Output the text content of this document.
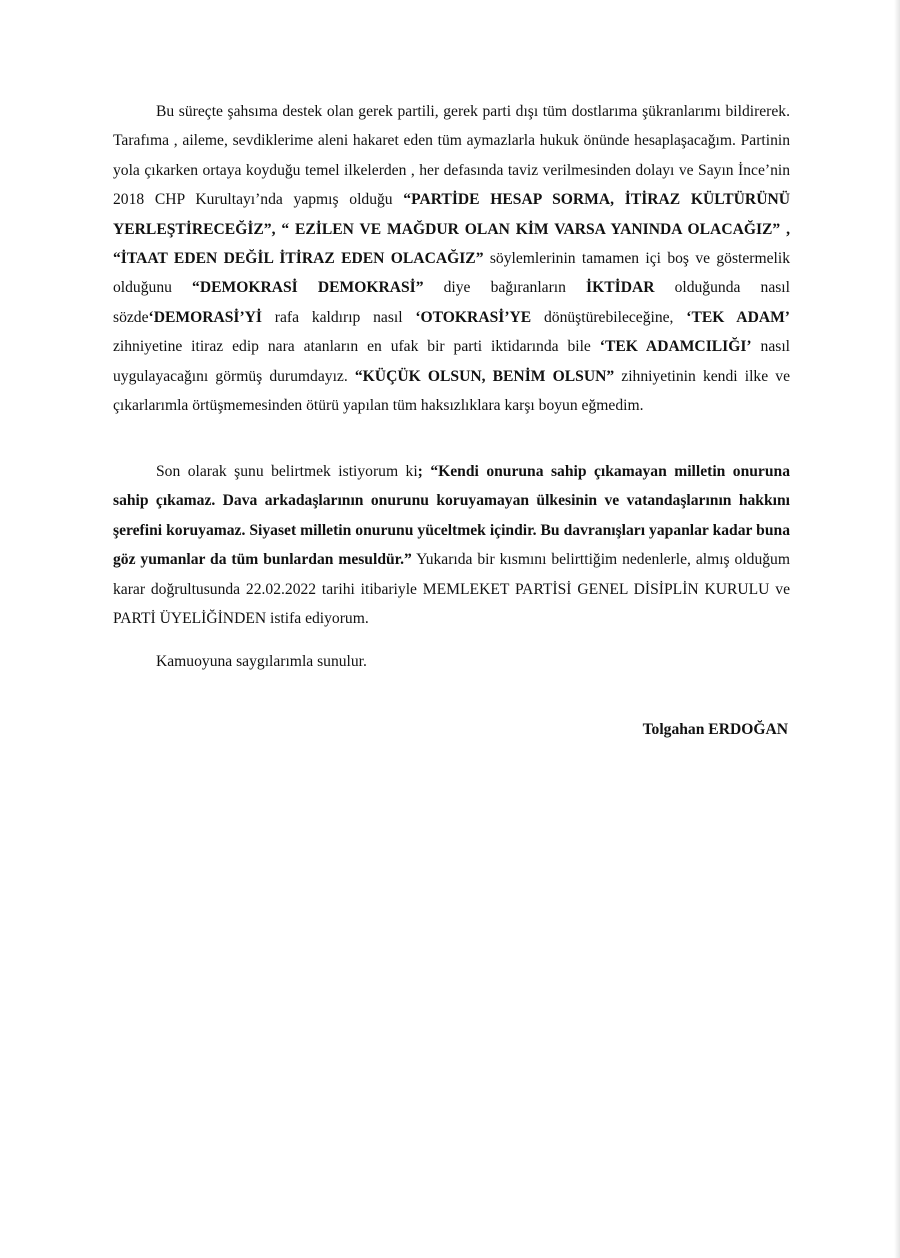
Bu süreçte şahsıma destek olan gerek partili, gerek parti dışı tüm dostlarıma şükranlarımı bildirerek. Tarafıma , aileme, sevdiklerime aleni hakaret eden tüm aymazlarla hukuk önünde hesaplaşacağım. Partinin yola çıkarken ortaya koyduğu temel ilkelerden , her defasında taviz verilmesinden dolayı ve Sayın İnce’nin 2018 CHP Kurultayı’nda yapmış olduğu “PARTİDE HESAP SORMA, İTİRAZ KÜLTÜRÜNÜ YERLEŞTİRECEĞİZ”, “ EZİLEN VE MAĞDUR OLAN KİM VARSA YANINDA OLACAĞIZ” , “İTAAT EDEN DEĞİL İTİRAZ EDEN OLACAĞIZ” söylemlerinin tamamen içi boş ve göstermelik olduğunu “DEMOKRASİ DEMOKRASİ” diye bağıranların İKTİDAR olduğunda nasıl sözde‘DEMORASİ’Yİ rafa kaldırıp nasıl ‘OTOKRASİ’YE dönüştürebileceğine, ‘TEK ADAM’ zihniyetine itiraz edip nara atanların en ufak bir parti iktidarında bile ‘TEK ADAMCILIĞI’ nasıl uygulayacağını görmüş durumdayız. “KÜÇÜK OLSUN, BENİM OLSUN” zihniyetinin kendi ilke ve çıkarlarımla örtüşmemesinden ötürü yapılan tüm haksızlıklara karşı boyun eğmedim.

Son olarak şunu belirtmek istiyorum ki; “Kendi onuruna sahip çıkamayan milletin onuruna sahip çıkamaz. Dava arkadaşlarının onurunu koruyamayan ülkesinin ve vatandaşlarının hakkını şerefini koruyamaz. Siyaset milletin onurunu yüceltmek içindir. Bu davranışları yapanlar kadar buna göz yumanlar da tüm bunlardan mesuldür.” Yukarıda bir kısmını belirttiğim nedenlerle, almış olduğum karar doğrultusunda 22.02.2022 tarihi itibariyle MEMLEKET PARTİSİ GENEL DİSİPLİN KURULU ve PARTİ ÜYELİĞİNDEN istifa ediyorum.

Kamuoyuna saygılarımla sunulur.

Tolgahan ERDOĞAN
